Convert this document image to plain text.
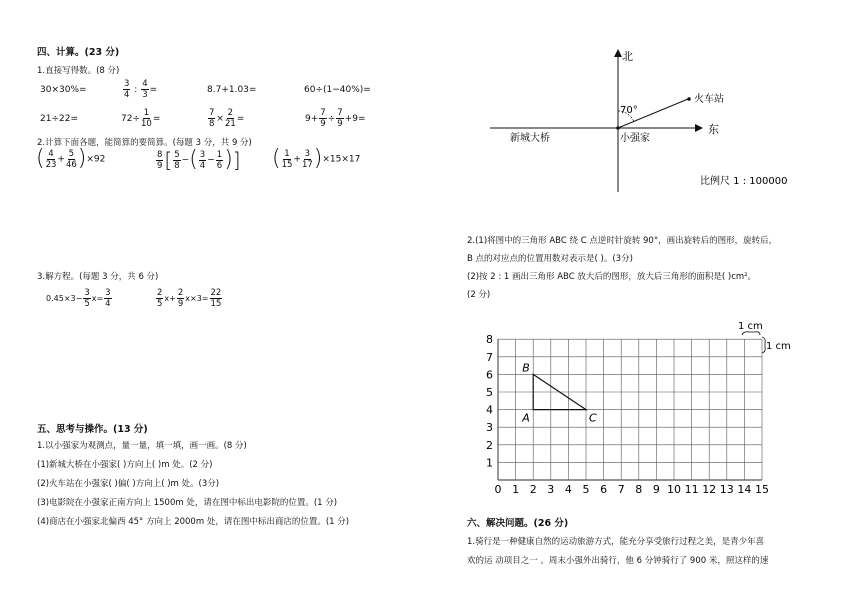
四、计算。(23 分)
1.直接写得数。(8 分)
30×30%=	$\frac{3}{4}$ : $\frac{4}{3}$ =	8.7+1.03=	60÷(1−40%)=
21÷22=	$72\div \frac{1}{10}$ =	$\frac{7}{8} \times \frac{2}{21}$ =	$9+ \frac{7}{9} \div \frac{7}{9} +9=$
2.计算下面各题，能简算的要简算。(每题 3 分，共 9 分)
( $\frac{4}{23} + \frac{5}{46} )\times 92$	$\frac{8}{9}$ [ $\frac{5}{8}$ −( $\frac{3}{4} - \frac{1}{6}$ )] ( $\frac{1}{15} + \frac{3}{17} )\times 15\times 17$
3.解方程。(每题 3 分，共 6 分)
$0.45\times 3- \frac{3}{5} x= \frac{3}{4}$	$\frac{2}{5} x+ \frac{2}{9} x\times 3= \frac{22}{15}$
五、思考与操作。(13 分)
1.以小强家为观测点，量一量，填一填，画一画。(8 分)
(1)新城大桥在小强家( )方向上( )m 处。(2 分)
(2)火车站在小强家( )偏( )方向上( )m 处。(3分)
(3)电影院在小强家正南方向上 1500m 处，请在图中标出电影院的位置。(1 分)
(4)商店在小强家北偏西 45° 方向上 2000m 处，请在图中标出商店的位置。(1 分)
北
东
70°
火车站
新城大桥	小强家
比例尺 1 : 100000
2.(1)将图中的三角形 ABC 绕 C 点逆时针旋转 90°，画出旋转后的图形，旋转后，
B 点的对应点的位置用数对表示是( )。(3分)
(2)按 2 : 1 画出三角形 ABC 放大后的图形，放大后三角形的面积是( )cm²。
(2 分)
0 1 2 3 4 5 6 7 8 9 10 11 12 13 14 15
1
2
3
4
5
6
7
8
A
B
C
1 cm
1 cm
六、解决问题。(26 分)
1.骑行是一种健康自然的运动旅游方式，能充分享受旅行过程之美，是青少年喜
欢的运 动项目之一 。周末小强外出骑行，他 6 分钟骑行了 900 米，照这样的速
